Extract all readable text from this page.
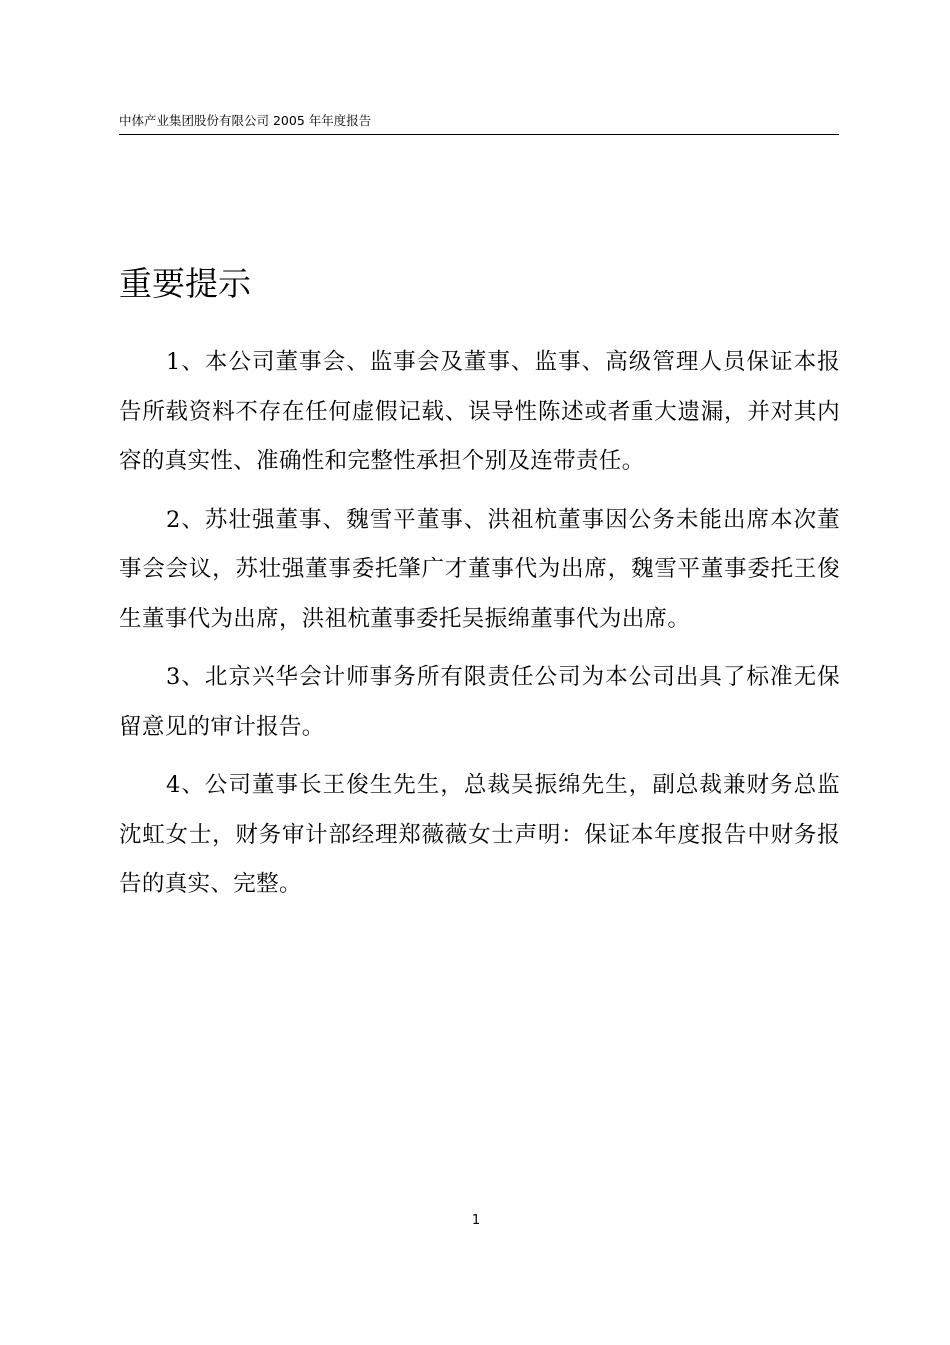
中体产业集团股份有限公司 2005 年年度报告
重要提示

1、本公司董事会、监事会及董事、监事、高级管理人员保证本报告所载资料不存在任何虚假记载、误导性陈述或者重大遗漏，并对其内容的真实性、准确性和完整性承担个别及连带责任。

2、苏壮强董事、魏雪平董事、洪祖杭董事因公务未能出席本次董事会会议，苏壮强董事委托肇广才董事代为出席，魏雪平董事委托王俊生董事代为出席，洪祖杭董事委托吴振绵董事代为出席。

3、北京兴华会计师事务所有限责任公司为本公司出具了标准无保留意见的审计报告。

4、公司董事长王俊生先生，总裁吴振绵先生，副总裁兼财务总监沈虹女士，财务审计部经理郑薇薇女士声明：保证本年度报告中财务报告的真实、完整。

1
